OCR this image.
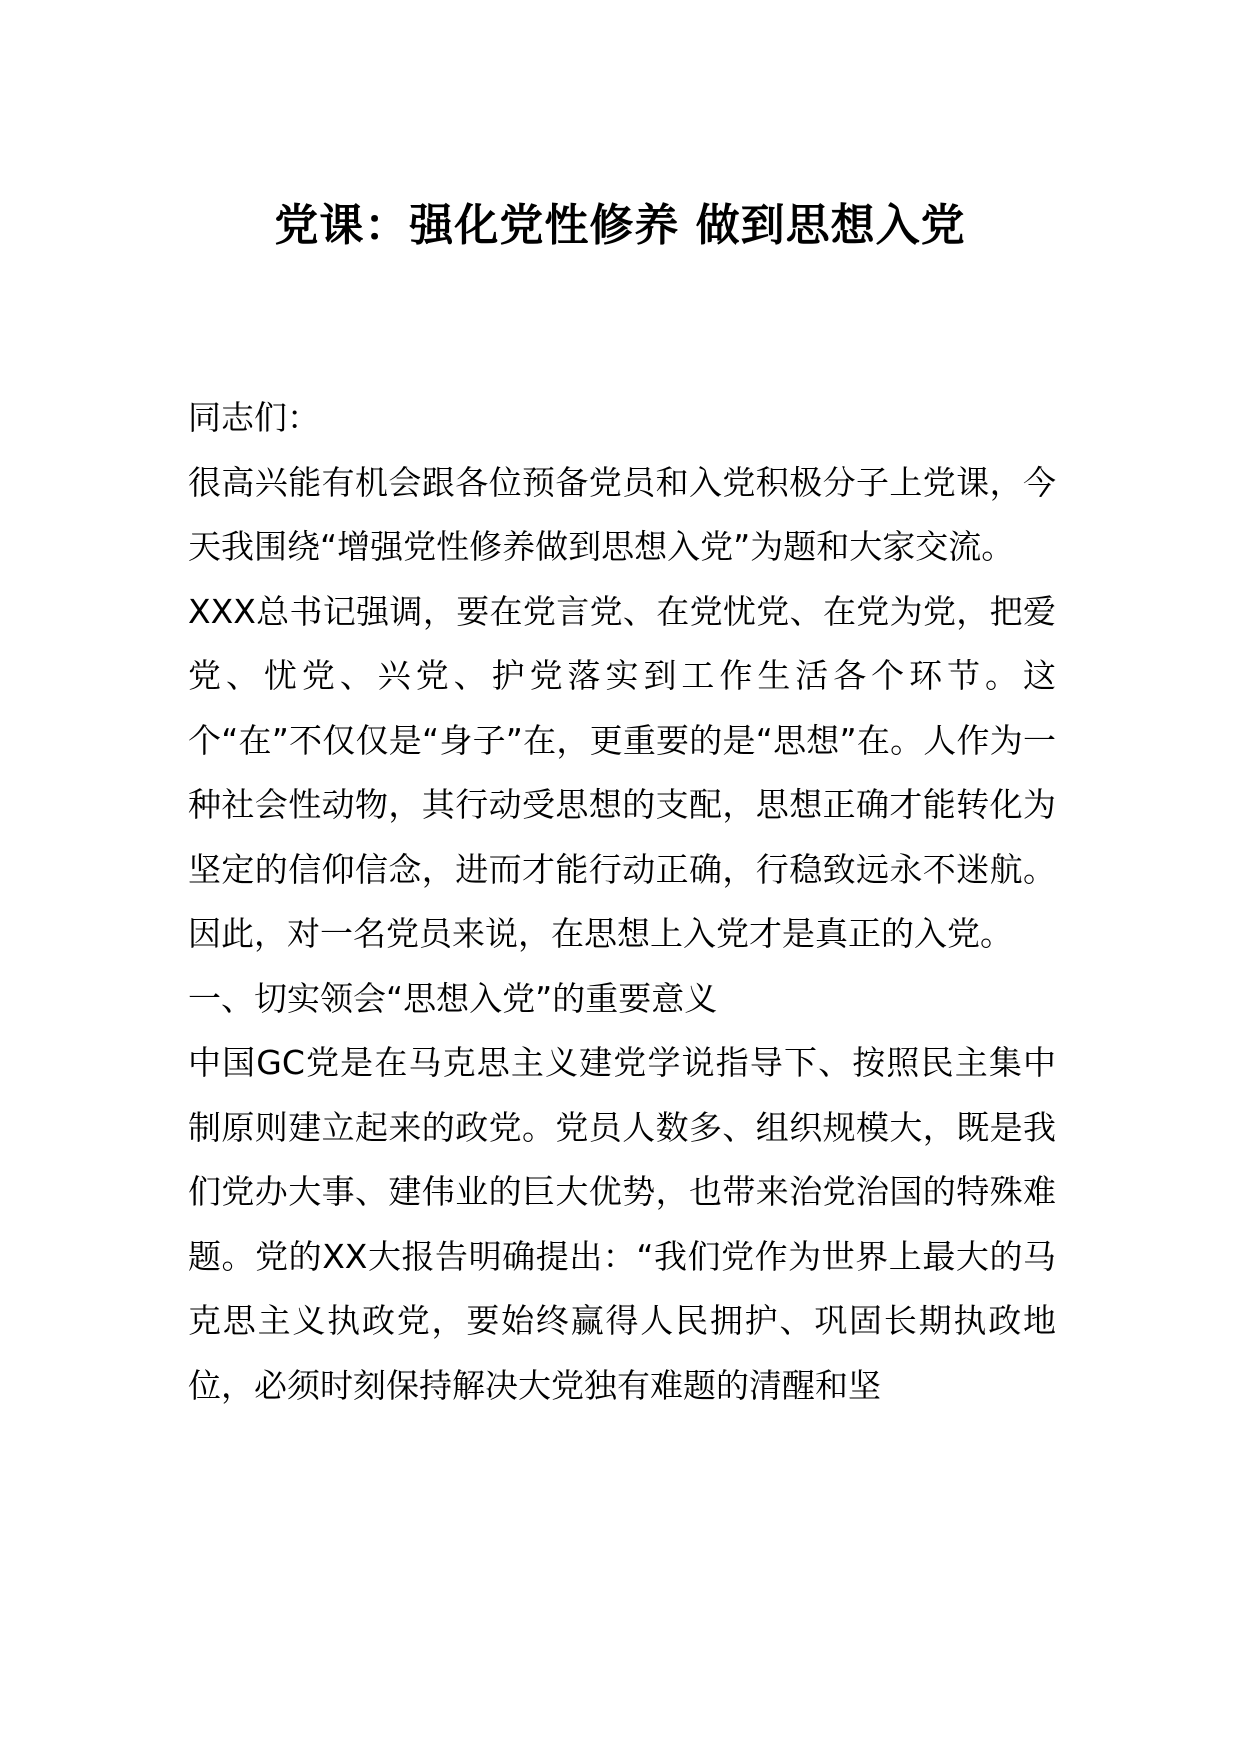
党课：强化党性修养 做到思想入党

同志们：

很高兴能有机会跟各位预备党员和入党积极分子上党课，今天我围绕“增强党性修养做到思想入党”为题和大家交流。

XXX总书记强调，要在党言党、在党忧党、在党为党，把爱党、忧党、兴党、护党落实到工作生活各个环节。这个“在”不仅仅是“身子”在，更重要的是“思想”在。人作为一种社会性动物，其行动受思想的支配，思想正确才能转化为坚定的信仰信念，进而才能行动正确，行稳致远永不迷航。因此，对一名党员来说，在思想上入党才是真正的入党。

一、切实领会“思想入党”的重要意义

中国GC党是在马克思主义建党学说指导下、按照民主集中制原则建立起来的政党。党员人数多、组织规模大，既是我们党办大事、建伟业的巨大优势，也带来治党治国的特殊难题。党的XX大报告明确提出：“我们党作为世界上最大的马克思主义执政党，要始终赢得人民拥护、巩固长期执政地位，必须时刻保持解决大党独有难题的清醒和坚
